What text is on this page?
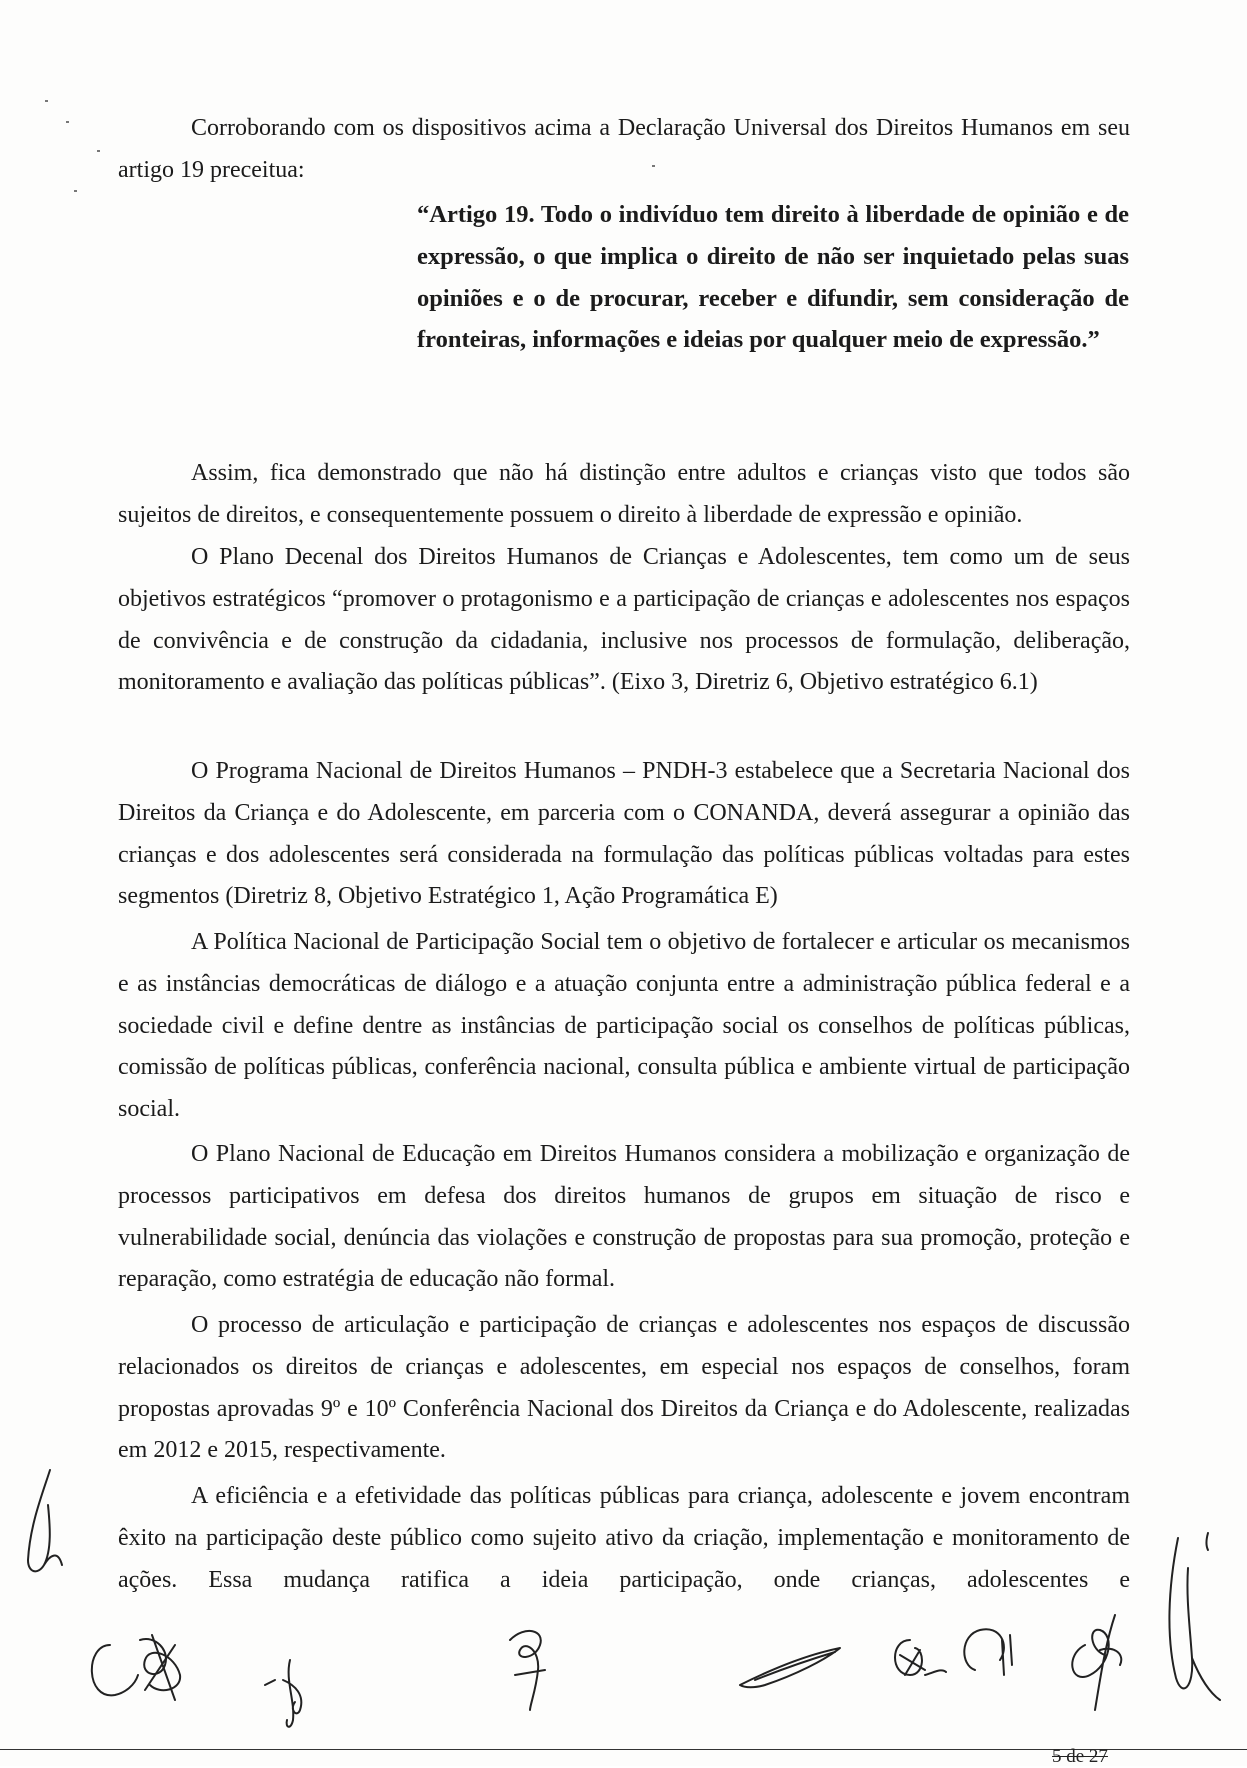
Corroborando com os dispositivos acima a Declaração Universal dos Direitos Humanos em seu artigo 19 preceitua:

“Artigo 19. Todo o indivíduo tem direito à liberdade de opinião e de expressão, o que implica o direito de não ser inquietado pelas suas opiniões e o de procurar, receber e difundir, sem consideração de fronteiras, informações e ideias por qualquer meio de expressão.”

Assim, fica demonstrado que não há distinção entre adultos e crianças visto que todos são sujeitos de direitos, e consequentemente possuem o direito à liberdade de expressão e opinião.

O Plano Decenal dos Direitos Humanos de Crianças e Adolescentes, tem como um de seus objetivos estratégicos “promover o protagonismo e a participação de crianças e adolescentes nos espaços de convivência e de construção da cidadania, inclusive nos processos de formulação, deliberação, monitoramento e avaliação das políticas públicas”. (Eixo 3, Diretriz 6, Objetivo estratégico 6.1)

O Programa Nacional de Direitos Humanos – PNDH-3 estabelece que a Secretaria Nacional dos Direitos da Criança e do Adolescente, em parceria com o CONANDA, deverá assegurar a opinião das crianças e dos adolescentes será considerada na formulação das políticas públicas voltadas para estes segmentos (Diretriz 8, Objetivo Estratégico 1, Ação Programática E)

A Política Nacional de Participação Social tem o objetivo de fortalecer e articular os mecanismos e as instâncias democráticas de diálogo e a atuação conjunta entre a administração pública federal e a sociedade civil e define dentre as instâncias de participação social os conselhos de políticas públicas, comissão de políticas públicas, conferência nacional, consulta pública e ambiente virtual de participação social.

O Plano Nacional de Educação em Direitos Humanos considera a mobilização e organização de processos participativos em defesa dos direitos humanos de grupos em situação de risco e vulnerabilidade social, denúncia das violações e construção de propostas para sua promoção, proteção e reparação, como estratégia de educação não formal.

O processo de articulação e participação de crianças e adolescentes nos espaços de discussão relacionados os direitos de crianças e adolescentes, em especial nos espaços de conselhos, foram propostas aprovadas 9º e 10º Conferência Nacional dos Direitos da Criança e do Adolescente, realizadas em 2012 e 2015, respectivamente.

A eficiência e a efetividade das políticas públicas para criança, adolescente e jovem encontram êxito na participação deste público como sujeito ativo da criação, implementação e monitoramento de ações. Essa mudança ratifica a ideia participação, onde crianças, adolescentes e

5 de 27
